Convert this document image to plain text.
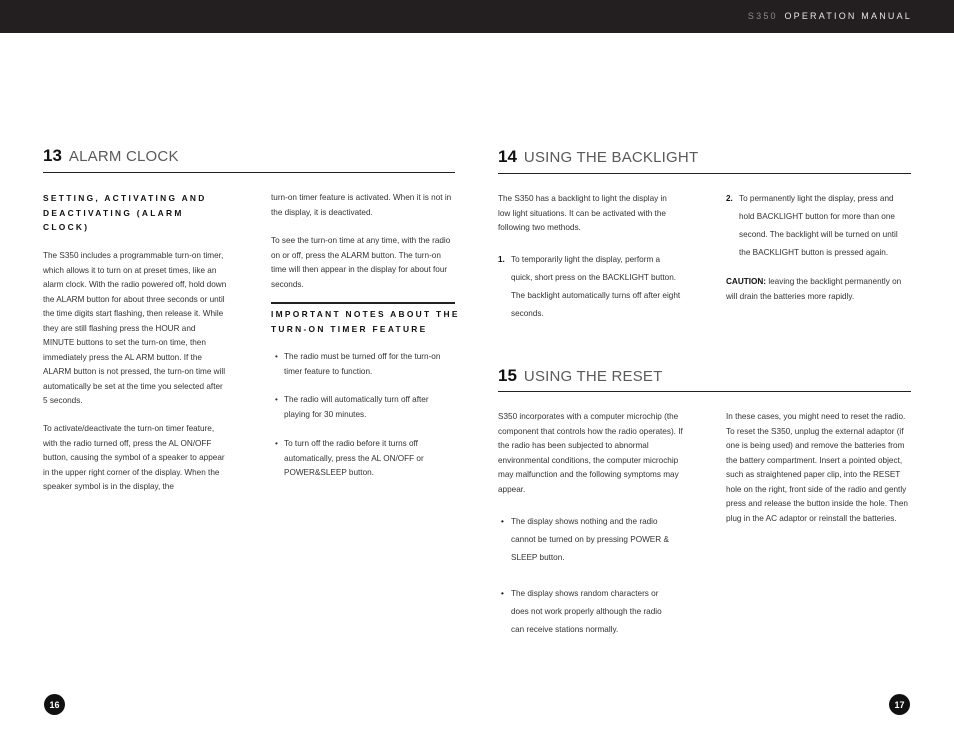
S350 OPERATION MANUAL
13 ALARM CLOCK
SETTING, ACTIVATING AND DEACTIVATING (ALARM CLOCK)
The S350 includes a programmable turn-on timer, which allows it to turn on at preset times, like an alarm clock. With the radio powered off, hold down the ALARM button for about three seconds or until the time digits start flashing, then release it. While they are still flashing press the HOUR and MINUTE buttons to set the turn-on time, then immediately press the AL ARM button. If the ALARM button is not pressed, the turn-on time will automatically be set at the time you selected after 5 seconds.
To activate/deactivate the turn-on timer feature, with the radio turned off, press the AL ON/OFF button, causing the symbol of a speaker to appear in the upper right corner of the display. When the speaker symbol is in the display, the
turn-on timer feature is activated. When it is not in the display, it is deactivated.
To see the turn-on time at any time, with the radio on or off, press the ALARM button. The turn-on time will then appear in the display for about four seconds.
IMPORTANT NOTES ABOUT THE TURN-ON TIMER FEATURE
• The radio must be turned off for the turn-on timer feature to function.
• The radio will automatically turn off after playing for 30 minutes.
• To turn off the radio before it turns off automatically, press the AL ON/OFF or POWER&SLEEP button.
14 USING THE BACKLIGHT
The S350 has a backlight to light the display in low light situations. It can be activated with the following two methods.
1. To temporarily light the display, perform a quick, short press on the BACKLIGHT button. The backlight automatically turns off after eight seconds.
2. To permanently light the display, press and hold BACKLIGHT button for more than one second. The backlight will be turned on until the BACKLIGHT button is pressed again.
CAUTION: leaving the backlight permanently on will drain the batteries more rapidly.
15 USING THE RESET
S350 incorporates with a computer microchip (the component that controls how the radio operates). If the radio has been subjected to abnormal environmental conditions, the computer microchip may malfunction and the following symptoms may appear.
• The display shows nothing and the radio cannot be turned on by pressing POWER & SLEEP button.
• The display shows random characters or does not work properly although the radio can receive stations normally.
In these cases, you might need to reset the radio. To reset the S350, unplug the external adaptor (if one is being used) and remove the batteries from the battery compartment. Insert a pointed object, such as straightened paper clip, into the RESET hole on the right, front side of the radio and gently press and release the button inside the hole. Then plug in the AC adaptor or reinstall the batteries.
16	17
